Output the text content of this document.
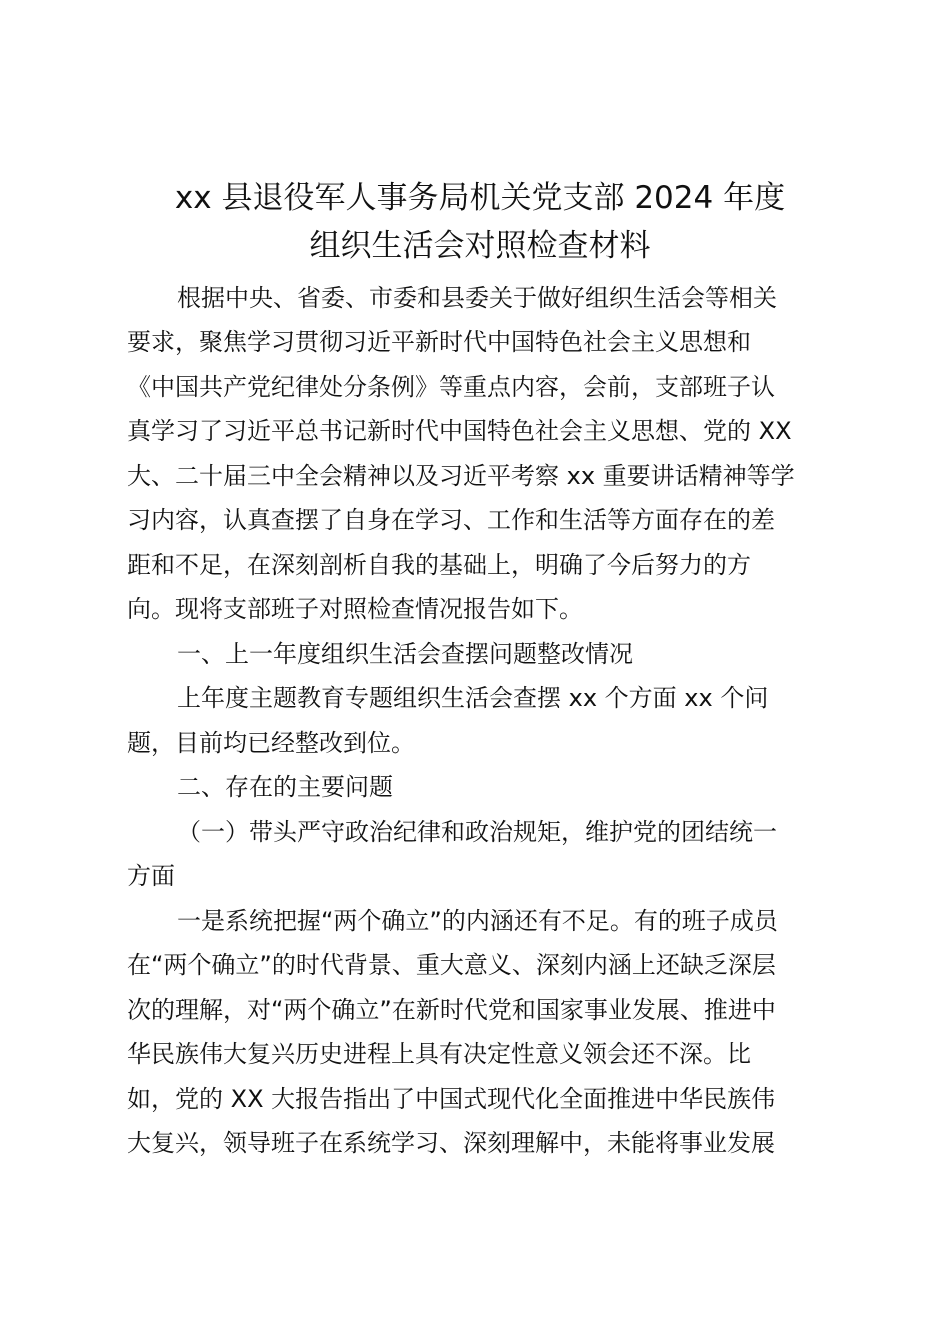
xx 县退役军人事务局机关党支部 2024 年度
组织生活会对照检查材料

根据中央、省委、市委和县委关于做好组织生活会等相关

要求，聚焦学习贯彻习近平新时代中国特色社会主义思想和

《中国共产党纪律处分条例》等重点内容，会前，支部班子认

真学习了习近平总书记新时代中国特色社会主义思想、党的 XX

大、二十届三中全会精神以及习近平考察 xx 重要讲话精神等学

习内容，认真查摆了自身在学习、工作和生活等方面存在的差

距和不足，在深刻剖析自我的基础上，明确了今后努力的方

向。现将支部班子对照检查情况报告如下。

一、上一年度组织生活会查摆问题整改情况

上年度主题教育专题组织生活会查摆 xx 个方面 xx 个问

题，目前均已经整改到位。

二、存在的主要问题

（一）带头严守政治纪律和政治规矩，维护党的团结统一

方面

一是系统把握“两个确立”的内涵还有不足。有的班子成员

在“两个确立”的时代背景、重大意义、深刻内涵上还缺乏深层

次的理解，对“两个确立”在新时代党和国家事业发展、推进中

华民族伟大复兴历史进程上具有决定性意义领会还不深。比

如，党的 XX 大报告指出了中国式现代化全面推进中华民族伟

大复兴，领导班子在系统学习、深刻理解中，未能将事业发展
